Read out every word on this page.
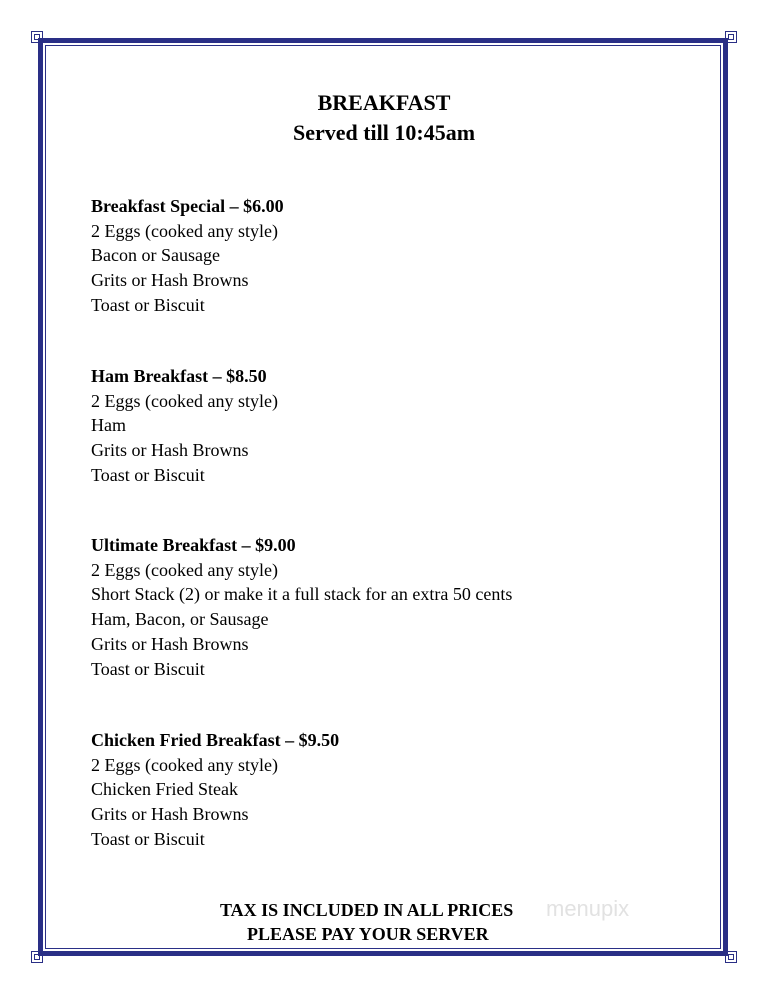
BREAKFAST
Served till 10:45am
Breakfast Special – $6.00
2 Eggs (cooked any style)
Bacon or Sausage
Grits or Hash Browns
Toast or Biscuit
Ham Breakfast – $8.50
2 Eggs (cooked any style)
Ham
Grits or Hash Browns
Toast or Biscuit
Ultimate Breakfast – $9.00
2 Eggs (cooked any style)
Short Stack (2) or make it a full stack for an extra 50 cents
Ham, Bacon, or Sausage
Grits or Hash Browns
Toast or Biscuit
Chicken Fried Breakfast – $9.50
2 Eggs (cooked any style)
Chicken Fried Steak
Grits or Hash Browns
Toast or Biscuit
menupix
TAX IS INCLUDED IN ALL PRICES
PLEASE PAY YOUR SERVER
